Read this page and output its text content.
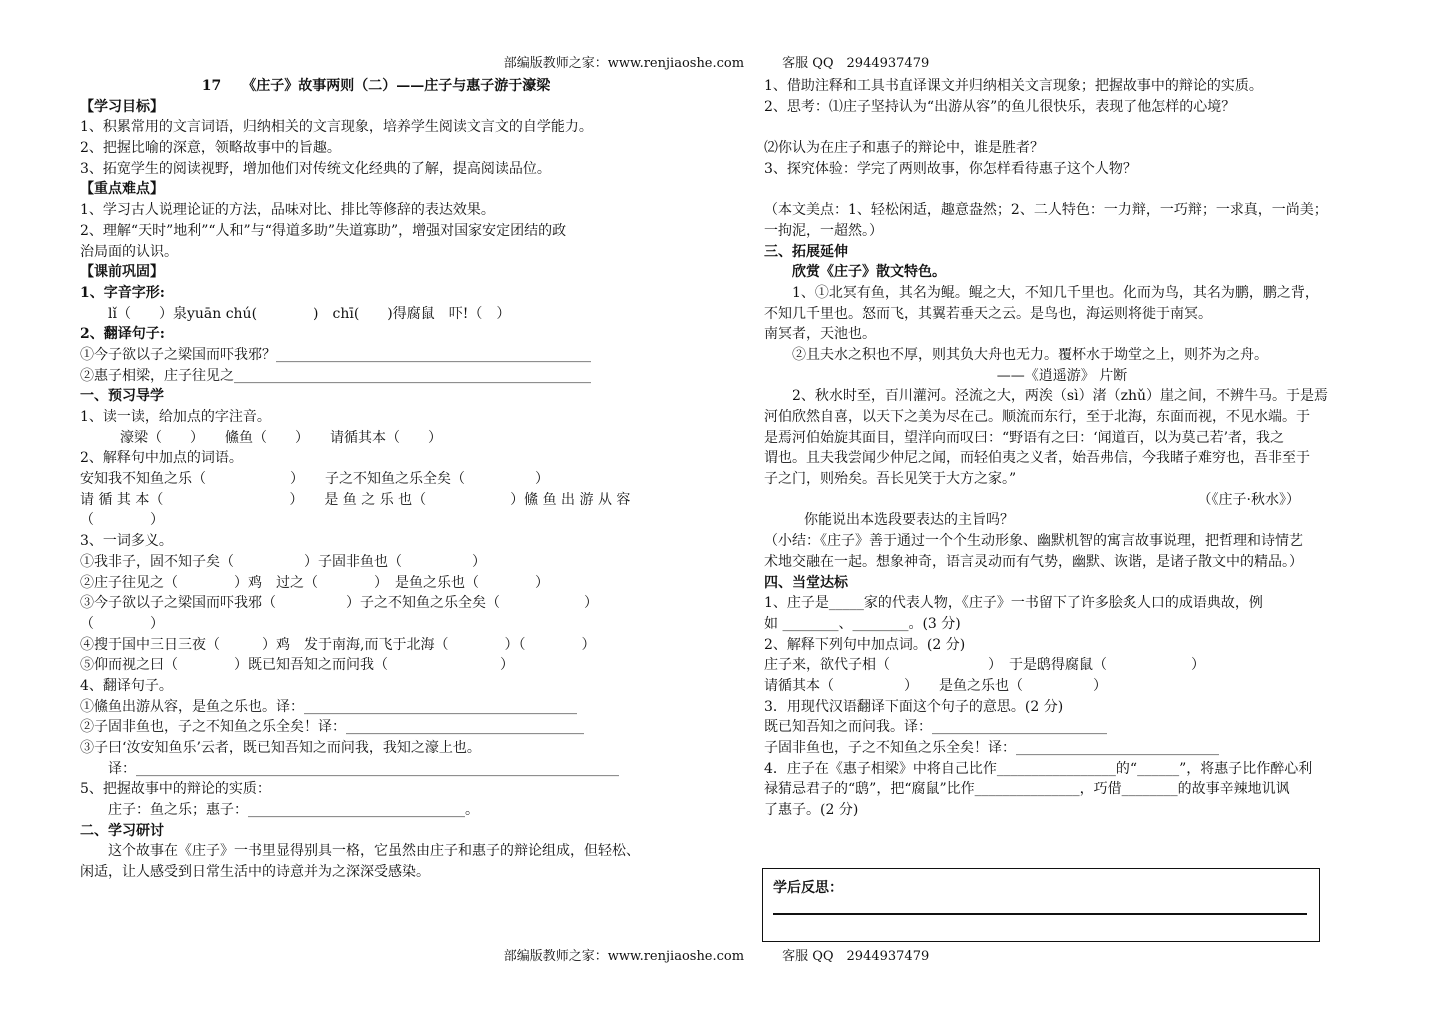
部编版教师之家：www.renjiaoshe.com	客服 QQ　2944937479
17　　《庄子》故事两则（二）——庄子与惠子游于濠梁
【学习目标】
1、积累常用的文言词语，归纳相关的文言现象，培养学生阅读文言文的自学能力。
2、把握比喻的深意，领略故事中的旨趣。
3、拓宽学生的阅读视野，增加他们对传统文化经典的了解，提高阅读品位。
【重点难点】
1、学习古人说理论证的方法，品味对比、排比等修辞的表达效果。
2、理解“天时”地利”“人和”与“得道多助”失道寡助”，增强对国家安定团结的政
治局面的认识。
【课前巩固】
1、字音字形:
lǐ（　　）泉yuān chú(　　　　)　chī(　　)得腐鼠　吓!（　）
2、翻译句子:
①今子欲以子之梁国而吓我邪？_____________________________________________
②惠子相梁，庄子往见之___________________________________________________
一、预习导学
1、读一读，给加点的字注音。
濠梁（　　）　　鯈鱼（　　）　　请循其本（　　）
2、解释句中加点的词语。
安知我不知鱼之乐（　　　　　　）　　子之不知鱼之乐全矣（　　　　　）
请 循 其 本（　　　　　　　　　）　　是 鱼 之 乐 也（　　　　　　）鯈 鱼 出 游 从 容
（　　　　）
3、一词多义。
①我非子，固不知子矣（　　　　　）子固非鱼也（　　　　　）
②庄子往见之（　　　　）鸡　过之（　　　　）　是鱼之乐也（　　　　）
③今子欲以子之梁国而吓我邪（　　　　　）子之不知鱼之乐全矣（　　　　　　）
（　　　　）
④搜于国中三日三夜（　　　）鸡　发于南海,而飞于北海（　　　　）（　　　　）
⑤仰而视之曰（　　　　）既已知吾知之而问我（　　　　　　　　）
4、翻译句子。
①鯈鱼出游从容，是鱼之乐也。译：_______________________________________
②子固非鱼也，子之不知鱼之乐全矣！译：__________________________________
③子曰‘汝安知鱼乐’云者，既已知吾知之而问我，我知之濠上也。
译：_____________________________________________________________________
5、把握故事中的辩论的实质：
庄子：鱼之乐；惠子：_______________________________。
二、学习研讨
这个故事在《庄子》一书里显得别具一格，它虽然由庄子和惠子的辩论组成，但轻松、
闲适，让人感受到日常生活中的诗意并为之深深受感染。
1、借助注释和工具书直译课文并归纳相关文言现象；把握故事中的辩论的实质。
2、思考：⑴庄子坚持认为“出游从容”的鱼儿很快乐，表现了他怎样的心境？
⑵你认为在庄子和惠子的辩论中，谁是胜者？
3、探究体验：学完了两则故事，你怎样看待惠子这个人物？
（本文美点：1、轻松闲适，趣意盎然；2、二人特色：一力辩，一巧辩；一求真，一尚美；
一拘泥，一超然。）
三、拓展延伸
欣赏《庄子》散文特色。
1、①北冥有鱼，其名为鲲。鲲之大，不知几千里也。化而为鸟，其名为鹏，鹏之背，
不知几千里也。怒而飞，其翼若垂天之云。是鸟也，海运则将徙于南冥。
南冥者，天池也。
②且夫水之积也不厚，则其负大舟也无力。覆杯水于坳堂之上，则芥为之舟。
——《逍遥游》 片断
2、秋水时至，百川灌河。泾流之大，两涘（sì）渚（zhǔ）崖之间，不辨牛马。于是焉
河伯欣然自喜，以天下之美为尽在己。顺流而东行，至于北海，东面而视，不见水端。于
是焉河伯始旋其面目，望洋向而叹曰：“野语有之曰：‘闻道百，以为莫己若’者，我之
谓也。且夫我尝闻少仲尼之闻，而轻伯夷之义者，始吾弗信，今我睹子难穷也，吾非至于
子之门，则殆矣。吾长见笑于大方之家。”
（《庄子·秋水》）
你能说出本选段要表达的主旨吗？
（小结：《庄子》善于通过一个个生动形象、幽默机智的寓言故事说理，把哲理和诗情艺
术地交融在一起。想象神奇，语言灵动而有气势，幽默、诙谐，是诸子散文中的精品。）
四、当堂达标
1、庄子是_____家的代表人物，《庄子》一书留下了许多脍炙人口的成语典故，例
如 ________、________。(3 分)
2、解释下列句中加点词。(2 分)
庄子来，欲代子相（　　　　　　　）　于是鸱得腐鼠（　　　　　　）
请循其本（　　　　　）　　是鱼之乐也（　　　　　）
3．用现代汉语翻译下面这个句子的意思。(2 分)
既已知吾知之而问我。译：_________________________
子固非鱼也，子之不知鱼之乐全矣！译：_____________________________
4．庄子在《惠子相梁》中将自己比作_________________的“______”，将惠子比作醉心利
禄猜忌君子的“鸱”，把“腐鼠”比作_______________，巧借________的故事辛辣地讥讽
了惠子。(2 分)
学后反思：
部编版教师之家：www.renjiaoshe.com	客服 QQ　2944937479
